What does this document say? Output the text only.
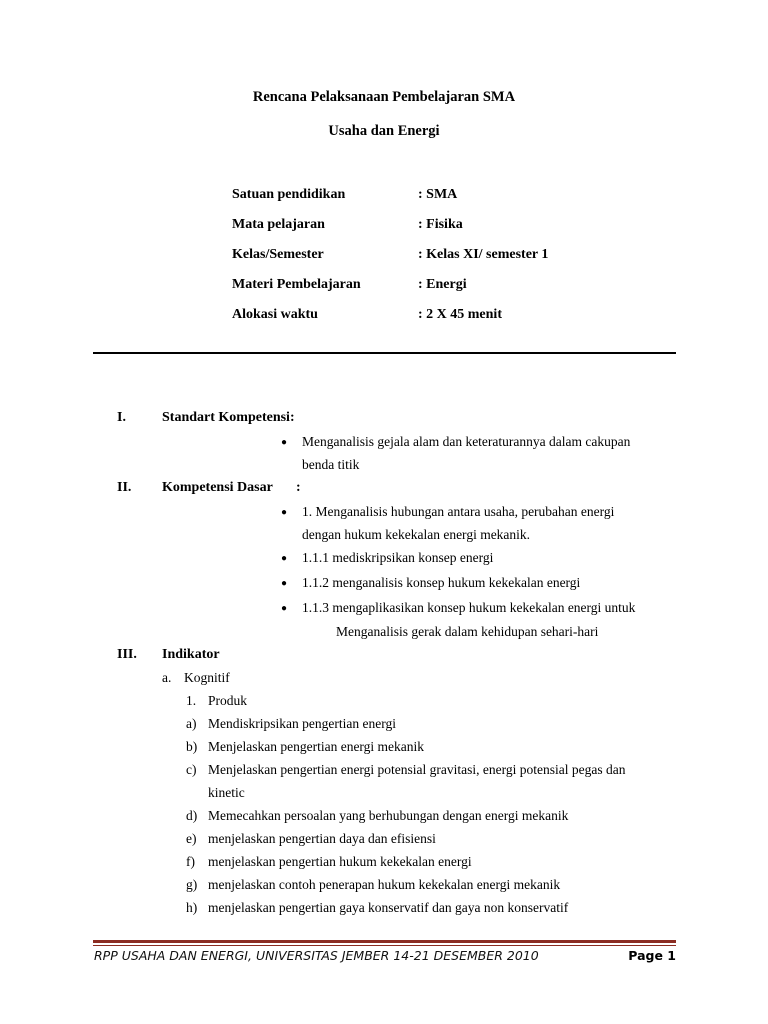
Rencana Pelaksanaan Pembelajaran SMA
Usaha dan Energi
Satuan pendidikan	: SMA
Mata pelajaran	: Fisika
Kelas/Semester	: Kelas XI/ semester 1
Materi Pembelajaran	: Energi
Alokasi waktu	: 2 X 45 menit
I.	Standart Kompetensi:
● Menganalisis gejala alam dan keteraturannya dalam cakupan
benda titik
II. Kompetensi Dasar :
● 1. Menganalisis hubungan antara usaha, perubahan energi
dengan hukum kekekalan energi mekanik.
● 1.1.1 mediskripsikan konsep energi
● 1.1.2 menganalisis konsep hukum kekekalan energi
● 1.1.3 mengaplikasikan konsep hukum kekekalan energi untuk
Menganalisis gerak dalam kehidupan sehari-hari
III. Indikator
a. Kognitif
1. Produk
a) Mendiskripsikan pengertian energi
b) Menjelaskan pengertian energi mekanik
c) Menjelaskan pengertian energi potensial gravitasi, energi potensial pegas dan
kinetic
d) Memecahkan persoalan yang berhubungan dengan energi mekanik
e) menjelaskan pengertian daya dan efisiensi
f) menjelaskan pengertian hukum kekekalan energi
g) menjelaskan contoh penerapan hukum kekekalan energi mekanik
h) menjelaskan pengertian gaya konservatif dan gaya non konservatif
RPP USAHA DAN ENERGI, UNIVERSITAS JEMBER 14-21 DESEMBER 2010	Page 1
